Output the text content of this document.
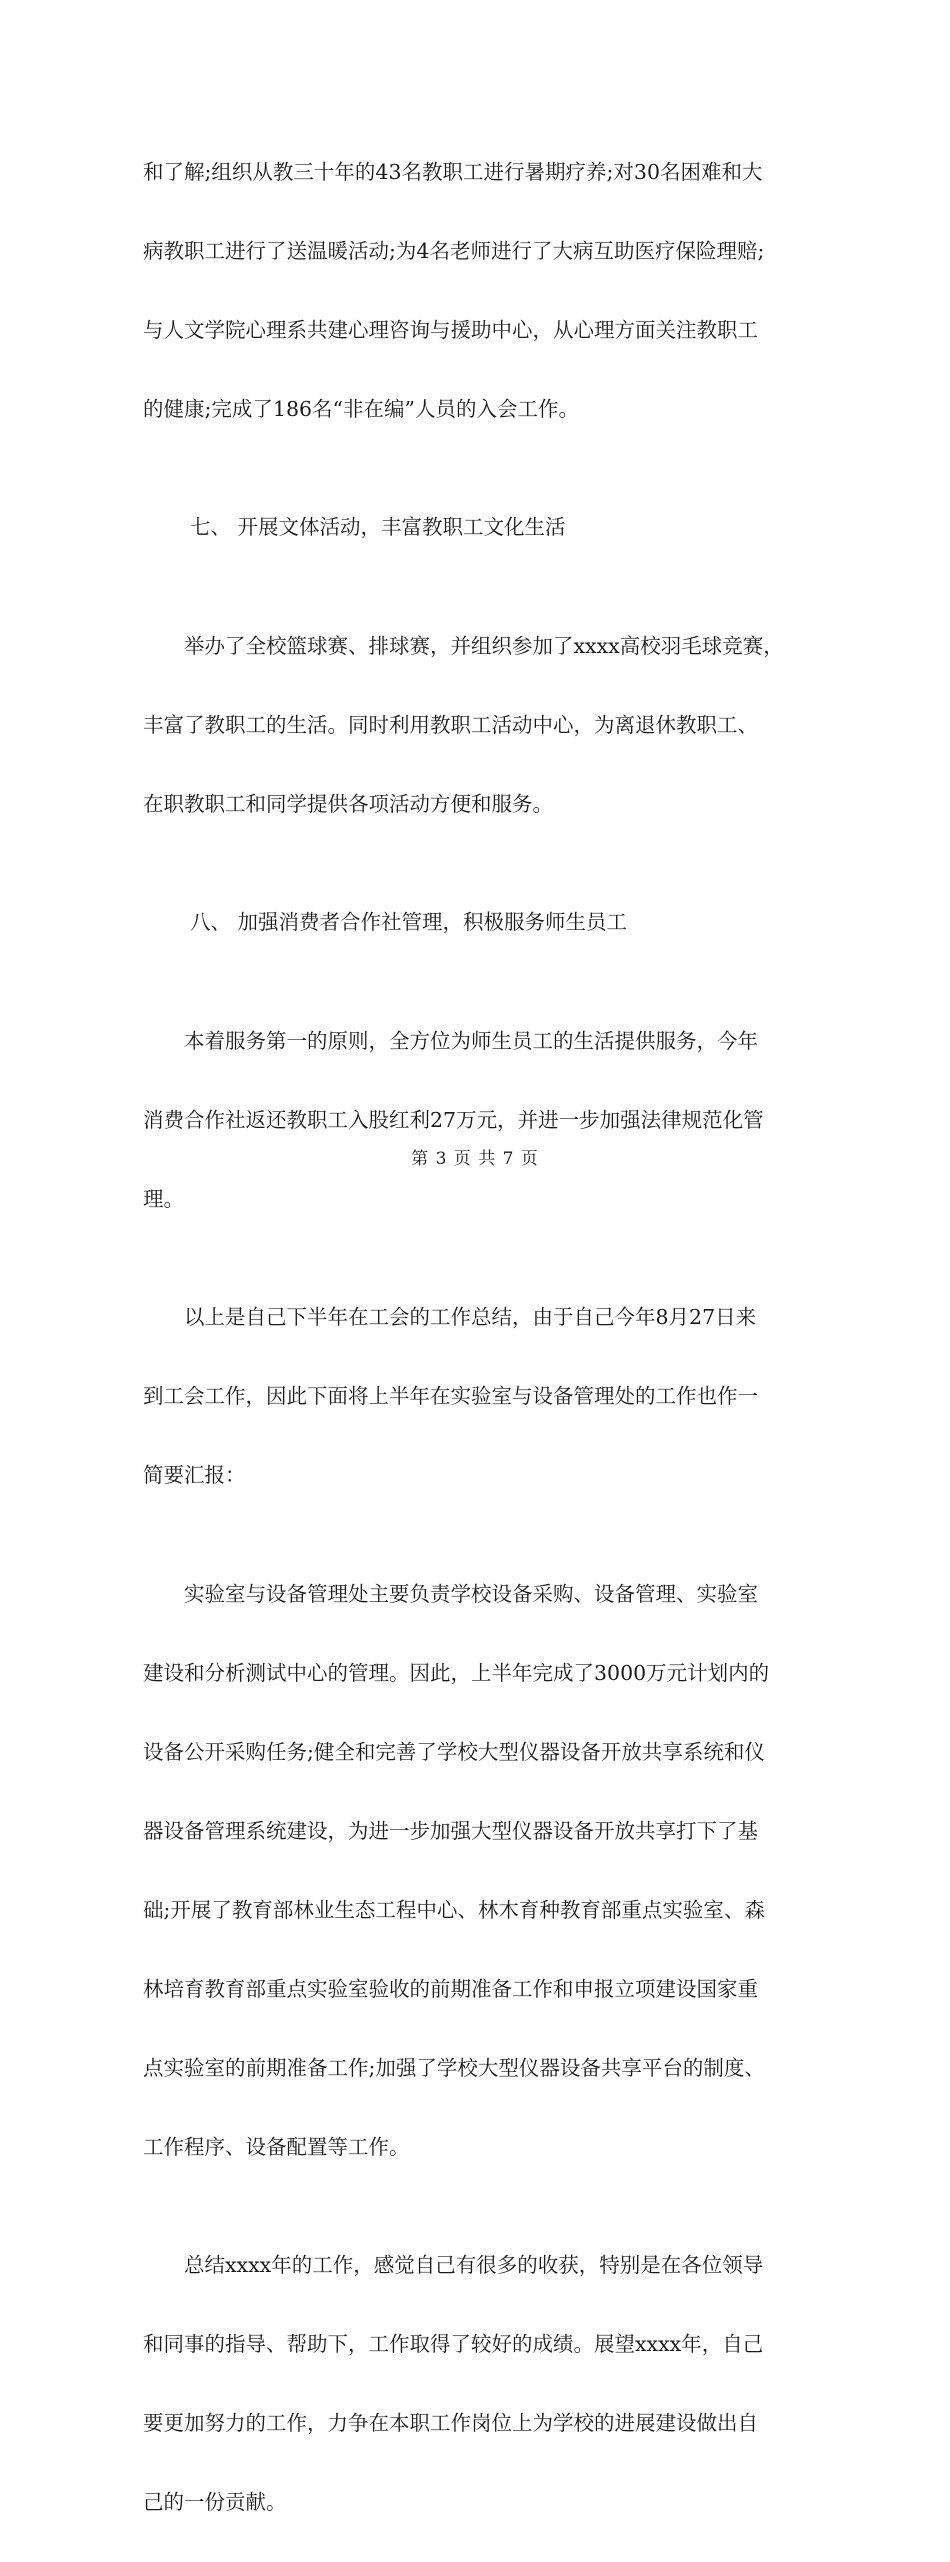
和了解;组织从教三十年的43名教职工进行暑期疗养;对30名困难和大

病教职工进行了送温暖活动;为4名老师进行了大病互助医疗保险理赔;

与人文学院心理系共建心理咨询与援助中心，从心理方面关注教职工

的健康;完成了186名“非在编”人员的入会工作。

七、 开展文体活动，丰富教职工文化生活

举办了全校篮球赛、排球赛，并组织参加了xxxx高校羽毛球竞赛，

丰富了教职工的生活。同时利用教职工活动中心，为离退休教职工、

在职教职工和同学提供各项活动方便和服务。

八、 加强消费者合作社管理，积极服务师生员工

本着服务第一的原则，全方位为师生员工的生活提供服务，今年

消费合作社返还教职工入股红利27万元，并进一步加强法律规范化管

理。

以上是自己下半年在工会的工作总结，由于自己今年8月27日来

到工会工作，因此下面将上半年在实验室与设备管理处的工作也作一

简要汇报：

实验室与设备管理处主要负责学校设备采购、设备管理、实验室

建设和分析测试中心的管理。因此，上半年完成了3000万元计划内的

设备公开采购任务;健全和完善了学校大型仪器设备开放共享系统和仪

器设备管理系统建设，为进一步加强大型仪器设备开放共享打下了基

础;开展了教育部林业生态工程中心、林木育种教育部重点实验室、森

林培育教育部重点实验室验收的前期准备工作和申报立项建设国家重

点实验室的前期准备工作;加强了学校大型仪器设备共享平台的制度、

工作程序、设备配置等工作。

总结xxxx年的工作，感觉自己有很多的收获，特别是在各位领导

和同事的指导、帮助下，工作取得了较好的成绩。展望xxxx年，自己

要更加努力的工作，力争在本职工作岗位上为学校的进展建设做出自

己的一份贡献。

第 3 页 共 7 页
